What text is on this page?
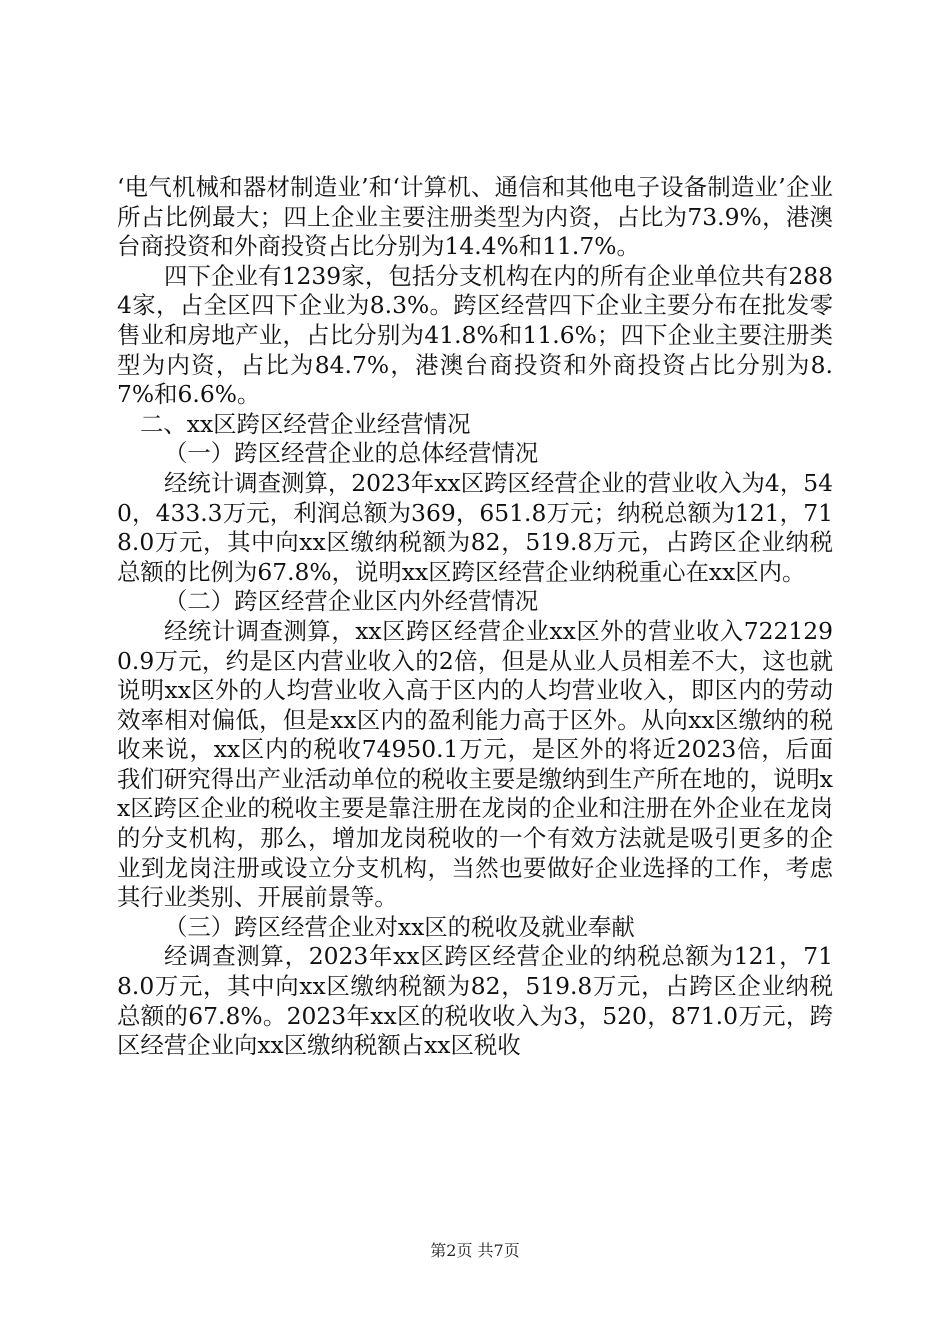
‘电气机械和器材制造业’和‘计算机、通信和其他电子设备制造业’企业所占比例最大；四上企业主要注册类型为内资，占比为73.9%，港澳台商投资和外商投资占比分别为14.4%和11.7%。

四下企业有1239家，包括分支机构在内的所有企业单位共有2884家，占全区四下企业为8.3%。跨区经营四下企业主要分布在批发零售业和房地产业，占比分别为41.8%和11.6%；四下企业主要注册类型为内资，占比为84.7%，港澳台商投资和外商投资占比分别为8.7%和6.6%。

二、xx区跨区经营企业经营情况

（一）跨区经营企业的总体经营情况

经统计调查测算，2023年xx区跨区经营企业的营业收入为4，540，433.3万元，利润总额为369，651.8万元；纳税总额为121，718.0万元，其中向xx区缴纳税额为82，519.8万元，占跨区企业纳税总额的比例为67.8%，说明xx区跨区经营企业纳税重心在xx区内。

（二）跨区经营企业区内外经营情况

经统计调查测算，xx区跨区经营企业xx区外的营业收入7221290.9万元，约是区内营业收入的2倍，但是从业人员相差不大，这也就说明xx区外的人均营业收入高于区内的人均营业收入，即区内的劳动效率相对偏低，但是xx区内的盈利能力高于区外。从向xx区缴纳的税收来说，xx区内的税收74950.1万元，是区外的将近2023倍，后面我们研究得出产业活动单位的税收主要是缴纳到生产所在地的，说明xx区跨区企业的税收主要是靠注册在龙岗的企业和注册在外企业在龙岗的分支机构，那么，增加龙岗税收的一个有效方法就是吸引更多的企业到龙岗注册或设立分支机构，当然也要做好企业选择的工作，考虑其行业类别、开展前景等。

（三）跨区经营企业对xx区的税收及就业奉献

经调查测算，2023年xx区跨区经营企业的纳税总额为121，718.0万元，其中向xx区缴纳税额为82，519.8万元，占跨区企业纳税总额的67.8%。2023年xx区的税收收入为3，520，871.0万元，跨区经营企业向xx区缴纳税额占xx区税收

第2页 共7页
